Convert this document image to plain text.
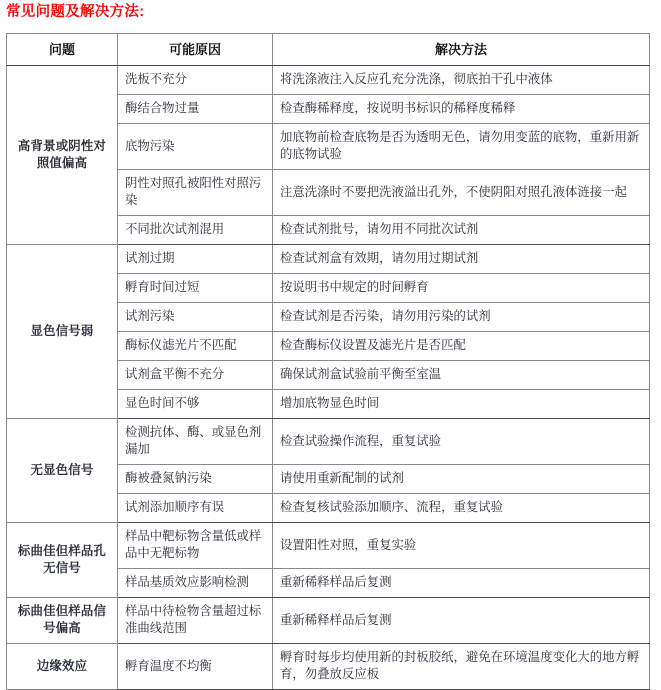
常见问题及解决方法:
问题	可能原因	解决方法
高背景或阴性对照值偏高	洗板不充分	将洗涤液注入反应孔充分洗涤，彻底拍干孔中液体
	酶结合物过量	检查酶稀释度，按说明书标识的稀释度稀释
	底物污染	加底物前检查底物是否为透明无色，请勿用变蓝的底物，重新用新的底物试验
	阴性对照孔被阳性对照污染	注意洗涤时不要把洗液溢出孔外，不使阴阳对照孔液体涟接一起
	不同批次试剂混用	检查试剂批号，请勿用不同批次试剂
显色信号弱	试剂过期	检查试剂盒有效期，请勿用过期试剂
	孵育时间过短	按说明书中规定的时间孵育
	试剂污染	检查试剂是否污染，请勿用污染的试剂
	酶标仪滤光片不匹配	检查酶标仪设置及滤光片是否匹配
	试剂盒平衡不充分	确保试剂盒试验前平衡至室温
	显色时间不够	增加底物显色时间
无显色信号	检测抗体、酶、或显色剂漏加	检查试验操作流程，重复试验
	酶被叠氮钠污染	请使用重新配制的试剂
	试剂添加顺序有误	检查复核试验添加顺序、流程，重复试验
标曲佳但样品孔无信号	样品中靶标物含量低或样品中无靶标物	设置阳性对照，重复实验
	样品基质效应影响检测	重新稀释样品后复测
标曲佳但样品信号偏高	样品中待检物含量超过标准曲线范围	重新稀释样品后复测
边缘效应	孵育温度不均衡	孵育时每步均使用新的封板胶纸，避免在环境温度变化大的地方孵育，勿叠放反应板
